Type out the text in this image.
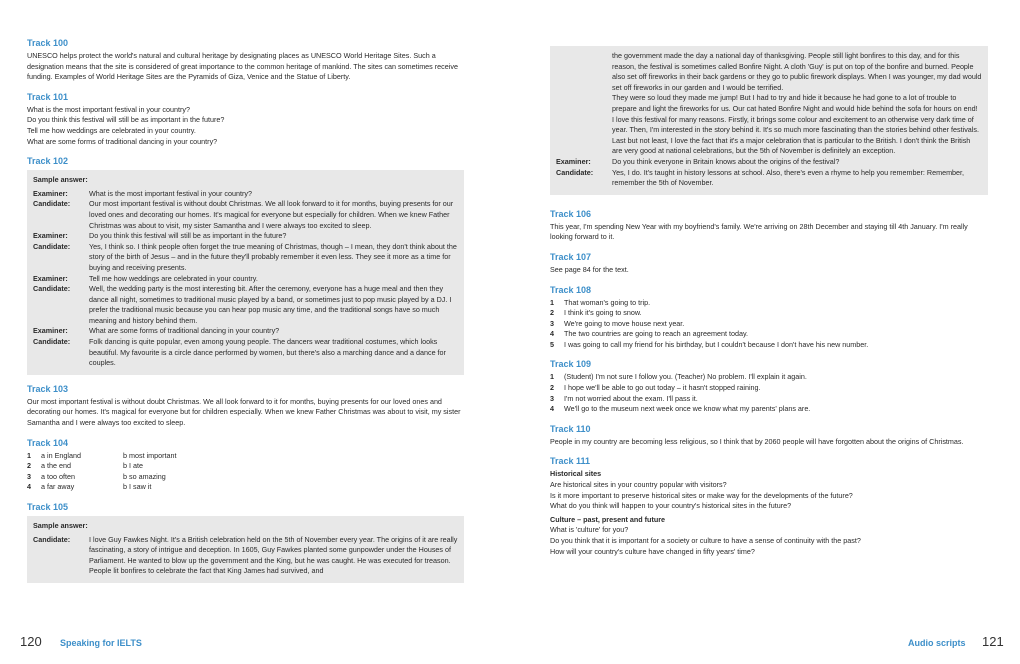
Track 100
UNESCO helps protect the world's natural and cultural heritage by designating places as UNESCO World Heritage Sites. Such a designation means that the site is considered of great importance to the common heritage of mankind. The sites can sometimes receive funding. Examples of World Heritage Sites are the Pyramids of Giza, Venice and the Statue of Liberty.
Track 101
What is the most important festival in your country?
Do you think this festival will still be as important in the future?
Tell me how weddings are celebrated in your country.
What are some forms of traditional dancing in your country?
Track 102
Sample answer:
Examiner:	What is the most important festival in your country?
Candidate:	Our most important festival is without doubt Christmas. We all look forward to it for months, buying presents for our loved ones and decorating our homes. It's magical for everyone but especially for children. When we knew Father Christmas was about to visit, my sister Samantha and I were always too excited to sleep.
Examiner:	Do you think this festival will still be as important in the future?
Candidate:	Yes, I think so. I think people often forget the true meaning of Christmas, though – I mean, they don't think about the story of the birth of Jesus – and in the future they'll probably remember it even less. They see it more as a time for buying and receiving presents.
Examiner:	Tell me how weddings are celebrated in your country.
Candidate:	Well, the wedding party is the most interesting bit. After the ceremony, everyone has a huge meal and then they dance all night, sometimes to traditional music played by a band, or sometimes just to pop music played by a DJ. I prefer the traditional music because you can hear pop music any time, and the traditional songs have so much meaning and history behind them.
Examiner:	What are some forms of traditional dancing in your country?
Candidate:	Folk dancing is quite popular, even among young people. The dancers wear traditional costumes, which looks beautiful. My favourite is a circle dance performed by women, but there's also a marching dance and a dance for couples.
Track 103
Our most important festival is without doubt Christmas. We all look forward to it for months, buying presents for our loved ones and decorating our homes. It's magical for everyone but for children especially. When we knew Father Christmas was about to visit, my sister Samantha and I were always too excited to sleep.
Track 104
1	a in England	b most important
2	a the end	b I ate
3	a too often	b so amazing
4	a far away	b I saw it
Track 105
Sample answer:
Candidate:	I love Guy Fawkes Night. It's a British celebration held on the 5th of November every year. The origins of it are really fascinating, a story of intrigue and deception. In 1605, Guy Fawkes planted some gunpowder under the Houses of Parliament. He wanted to blow up the government and the King, but he was caught. He was executed for treason. People lit bonfires to celebrate the fact that King James had survived, and
the government made the day a national day of thanksgiving. People still light bonfires to this day, and for this reason, the festival is sometimes called Bonfire Night. A cloth 'Guy' is put on top of the bonfire and burned. People also set off fireworks in their back gardens or they go to public firework displays. When I was younger, my dad would set off fireworks in our garden and I would be terrified.
They were so loud they made me jump! But I had to try and hide it because he had gone to a lot of trouble to prepare and light the fireworks for us. Our cat hated Bonfire Night and would hide behind the sofa for hours on end!
I love this festival for many reasons. Firstly, it brings some colour and excitement to an otherwise very dark time of year. Then, I'm interested in the story behind it. It's so much more fascinating than the stories behind other festivals. Last but not least, I love the fact that it's a major celebration that is particular to the British. I don't think the British are very good at national celebrations, but the 5th of November is definitely an exception.
Examiner:	Do you think everyone in Britain knows about the origins of the festival?
Candidate:	Yes, I do. It's taught in history lessons at school. Also, there's even a rhyme to help you remember: Remember, remember the 5th of November.
Track 106
This year, I'm spending New Year with my boyfriend's family. We're arriving on 28th December and staying till 4th January. I'm really looking forward to it.
Track 107
See page 84 for the text.
Track 108
1	That woman's going to trip.
2	I think it's going to snow.
3	We're going to move house next year.
4	The two countries are going to reach an agreement today.
5	I was going to call my friend for his birthday, but I couldn't because I don't have his new number.
Track 109
1	(Student) I'm not sure I follow you. (Teacher) No problem. I'll explain it again.
2	I hope we'll be able to go out today – it hasn't stopped raining.
3	I'm not worried about the exam. I'll pass it.
4	We'll go to the museum next week once we know what my parents' plans are.
Track 110
People in my country are becoming less religious, so I think that by 2060 people will have forgotten about the origins of Christmas.
Track 111
Historical sites
Are historical sites in your country popular with visitors?
Is it more important to preserve historical sites or make way for the developments of the future?
What do you think will happen to your country's historical sites in the future?
Culture – past, present and future
What is 'culture' for you?
Do you think that it is important for a society or culture to have a sense of continuity with the past?
How will your country's culture have changed in fifty years' time?
120 Speaking for IELTS	Audio scripts 121
